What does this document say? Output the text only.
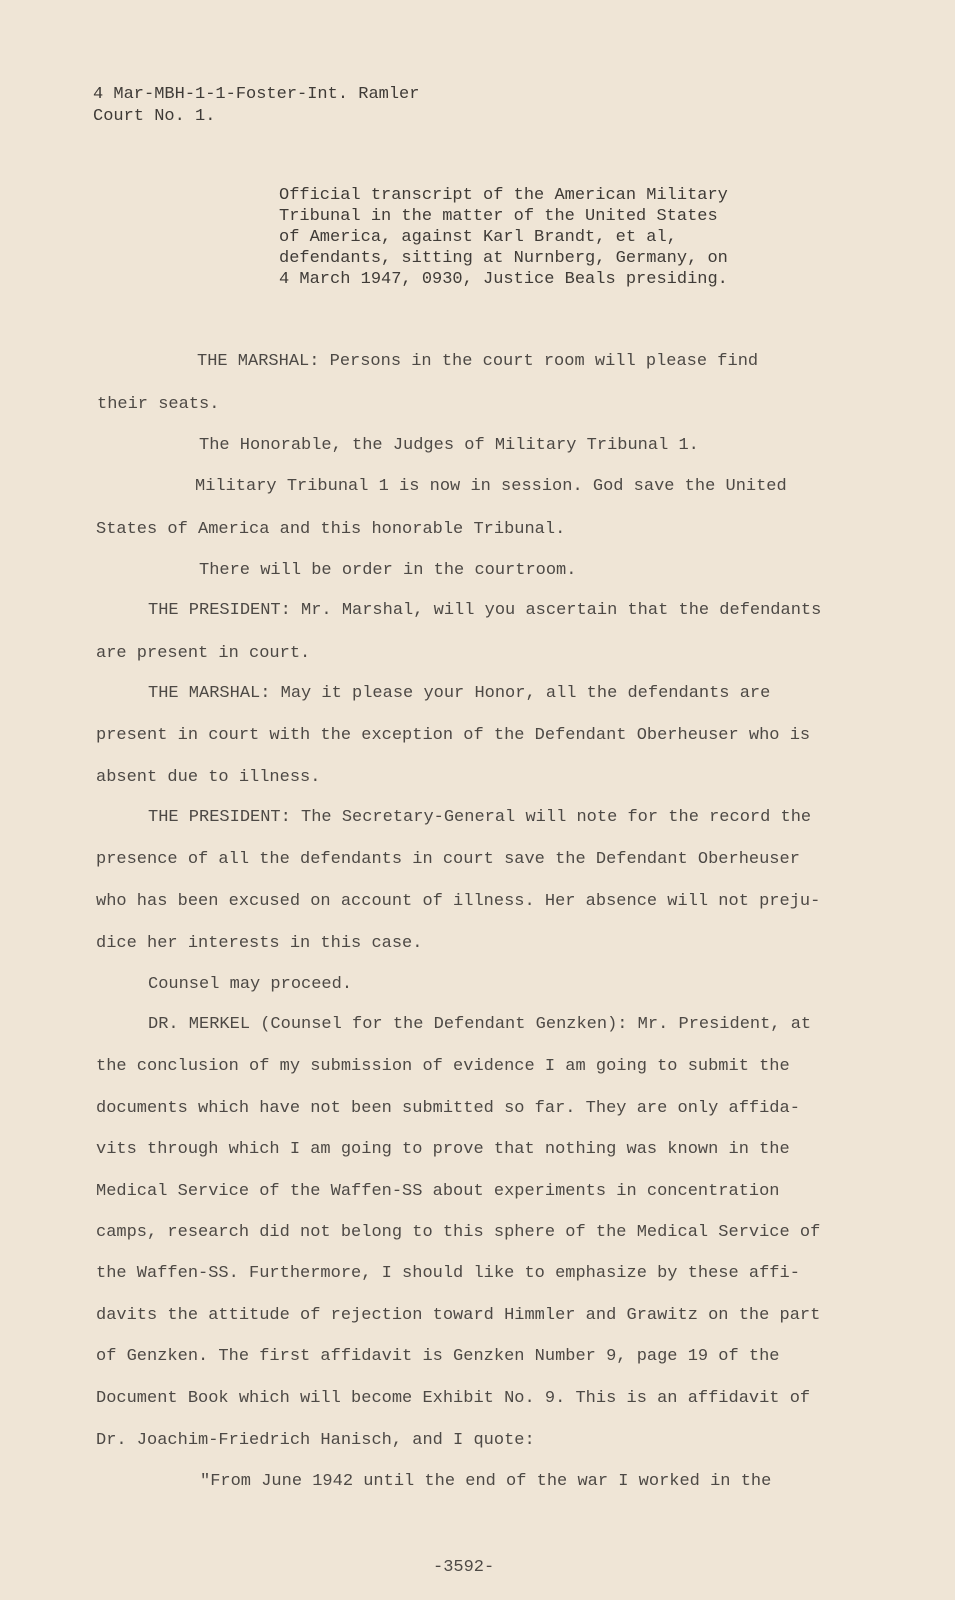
4 Mar-MBH-1-1-Foster-Int. Ramler
Court No. 1.
Official transcript of the American Military
Tribunal in the matter of the United States
of America, against Karl Brandt, et al,
defendants, sitting at Nurnberg, Germany, on
4 March 1947, 0930, Justice Beals presiding.
THE MARSHAL: Persons in the court room will please find
their seats.
The Honorable, the Judges of Military Tribunal 1.
Military Tribunal 1 is now in session. God save the United
States of America and this honorable Tribunal.
There will be order in the courtroom.
THE PRESIDENT: Mr. Marshal, will you ascertain that the defendants
are present in court.
THE MARSHAL: May it please your Honor, all the defendants are
present in court with the exception of the Defendant Oberheuser who is
absent due to illness.
THE PRESIDENT: The Secretary-General will note for the record the
presence of all the defendants in court save the Defendant Oberheuser
who has been excused on account of illness. Her absence will not preju-
dice her interests in this case.
Counsel may proceed.
DR. MERKEL (Counsel for the Defendant Genzken): Mr. President, at
the conclusion of my submission of evidence I am going to submit the
documents which have not been submitted so far. They are only affida-
vits through which I am going to prove that nothing was known in the
Medical Service of the Waffen-SS about experiments in concentration
camps, research did not belong to this sphere of the Medical Service of
the Waffen-SS. Furthermore, I should like to emphasize by these affi-
davits the attitude of rejection toward Himmler and Grawitz on the part
of Genzken. The first affidavit is Genzken Number 9, page 19 of the
Document Book which will become Exhibit No. 9. This is an affidavit of
Dr. Joachim-Friedrich Hanisch, and I quote:
"From June 1942 until the end of the war I worked in the
-3592-
